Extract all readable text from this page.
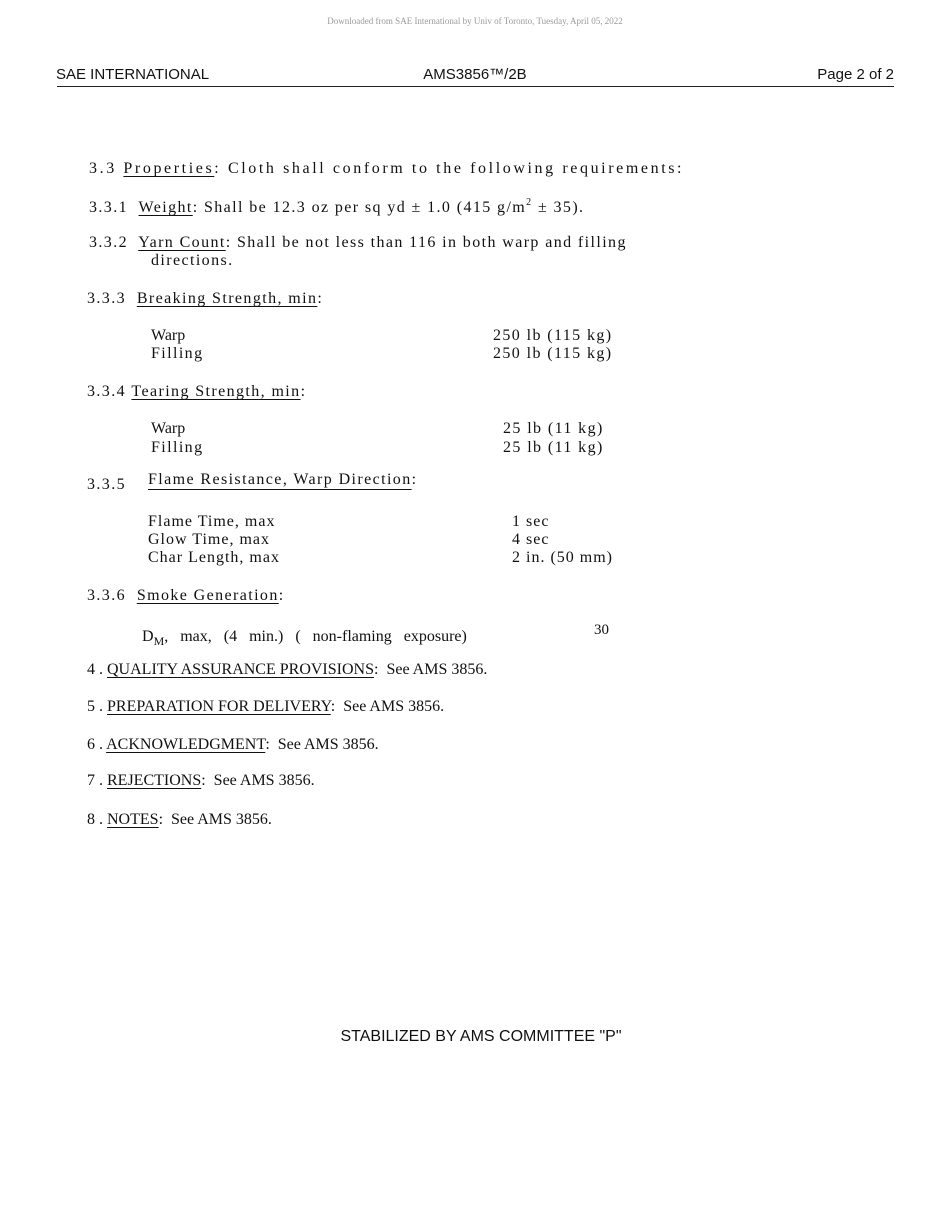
Downloaded from SAE International by Univ of Toronto, Tuesday, April 05, 2022
SAE INTERNATIONAL	AMS3856™/2B	Page 2 of 2
3.3 Properties: Cloth shall conform to the following requirements:
3.3.1 Weight: Shall be 12.3 oz per sq yd ± 1.0 (415 $g/m^2 \pm 35$).
3.3.2 Yarn Count: Shall be not less than 116 in both warp and filling
directions.
3.3.3 Breaking Strength, min:
Warp	250 lb (115 kg)
Filling	250 lb (115 kg)
3.3.4 Tearing Strength, min:
Warp	25 lb (11 kg)
Filling	25 lb (11 kg)
3.3.5 Flame Resistance, Warp Direction:
Flame Time, max	1 sec
Glow Time, max	4 sec
Char Length, max	2 in. (50 mm)
3.3.6 Smoke Generation:
$D_M$,   max,   (4   min.)   (   non-flaming   exposure)	30
4 . QUALITY ASSURANCE PROVISIONS:  See AMS 3856.
5 . PREPARATION FOR DELIVERY:  See AMS 3856.
6 . ACKNOWLEDGMENT:  See AMS 3856.
7 . REJECTIONS:  See AMS 3856.
8 . NOTES:  See AMS 3856.
STABILIZED BY AMS COMMITTEE "P"
